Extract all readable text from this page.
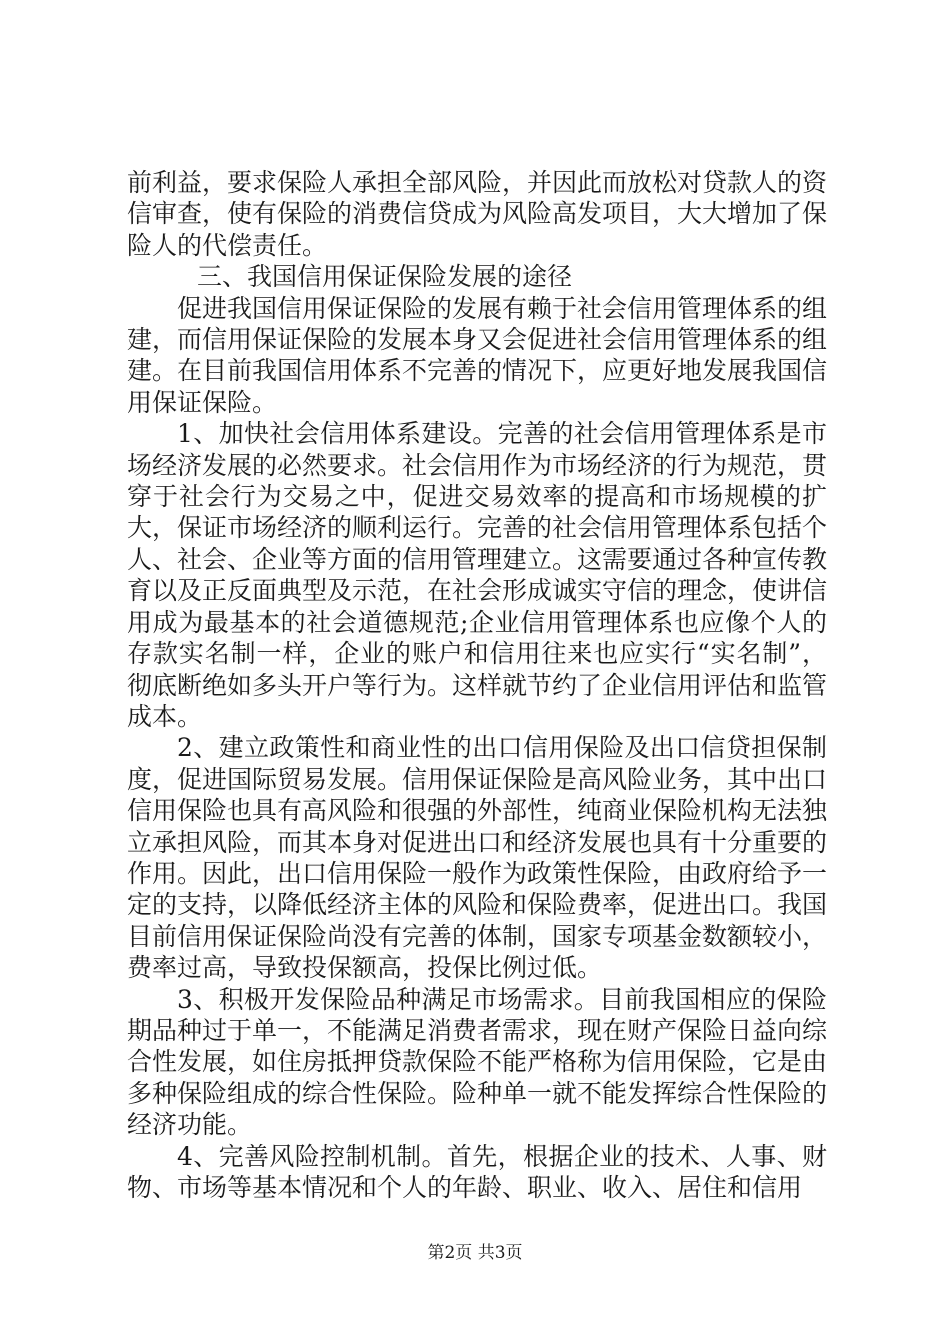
前利益，要求保险人承担全部风险，并因此而放松对贷款人的资信审查，使有保险的消费信贷成为风险高发项目，大大增加了保险人的代偿责任。

三、我国信用保证保险发展的途径

促进我国信用保证保险的发展有赖于社会信用管理体系的组建，而信用保证保险的发展本身又会促进社会信用管理体系的组建。在目前我国信用体系不完善的情况下，应更好地发展我国信用保证保险。

1、加快社会信用体系建设。完善的社会信用管理体系是市场经济发展的必然要求。社会信用作为市场经济的行为规范，贯穿于社会行为交易之中，促进交易效率的提高和市场规模的扩大，保证市场经济的顺利运行。完善的社会信用管理体系包括个人、社会、企业等方面的信用管理建立。这需要通过各种宣传教育以及正反面典型及示范，在社会形成诚实守信的理念，使讲信用成为最基本的社会道德规范;企业信用管理体系也应像个人的存款实名制一样，企业的账户和信用往来也应实行“实名制”，彻底断绝如多头开户等行为。这样就节约了企业信用评估和监管成本。

2、建立政策性和商业性的出口信用保险及出口信贷担保制度，促进国际贸易发展。信用保证保险是高风险业务，其中出口信用保险也具有高风险和很强的外部性，纯商业保险机构无法独立承担风险，而其本身对促进出口和经济发展也具有十分重要的作用。因此，出口信用保险一般作为政策性保险，由政府给予一定的支持，以降低经济主体的风险和保险费率，促进出口。我国目前信用保证保险尚没有完善的体制，国家专项基金数额较小，费率过高，导致投保额高，投保比例过低。

3、积极开发保险品种满足市场需求。目前我国相应的保险期品种过于单一，不能满足消费者需求，现在财产保险日益向综合性发展，如住房抵押贷款保险不能严格称为信用保险，它是由多种保险组成的综合性保险。险种单一就不能发挥综合性保险的经济功能。

4、完善风险控制机制。首先，根据企业的技术、人事、财物、市场等基本情况和个人的年龄、职业、收入、居住和信用

第2页 共3页
